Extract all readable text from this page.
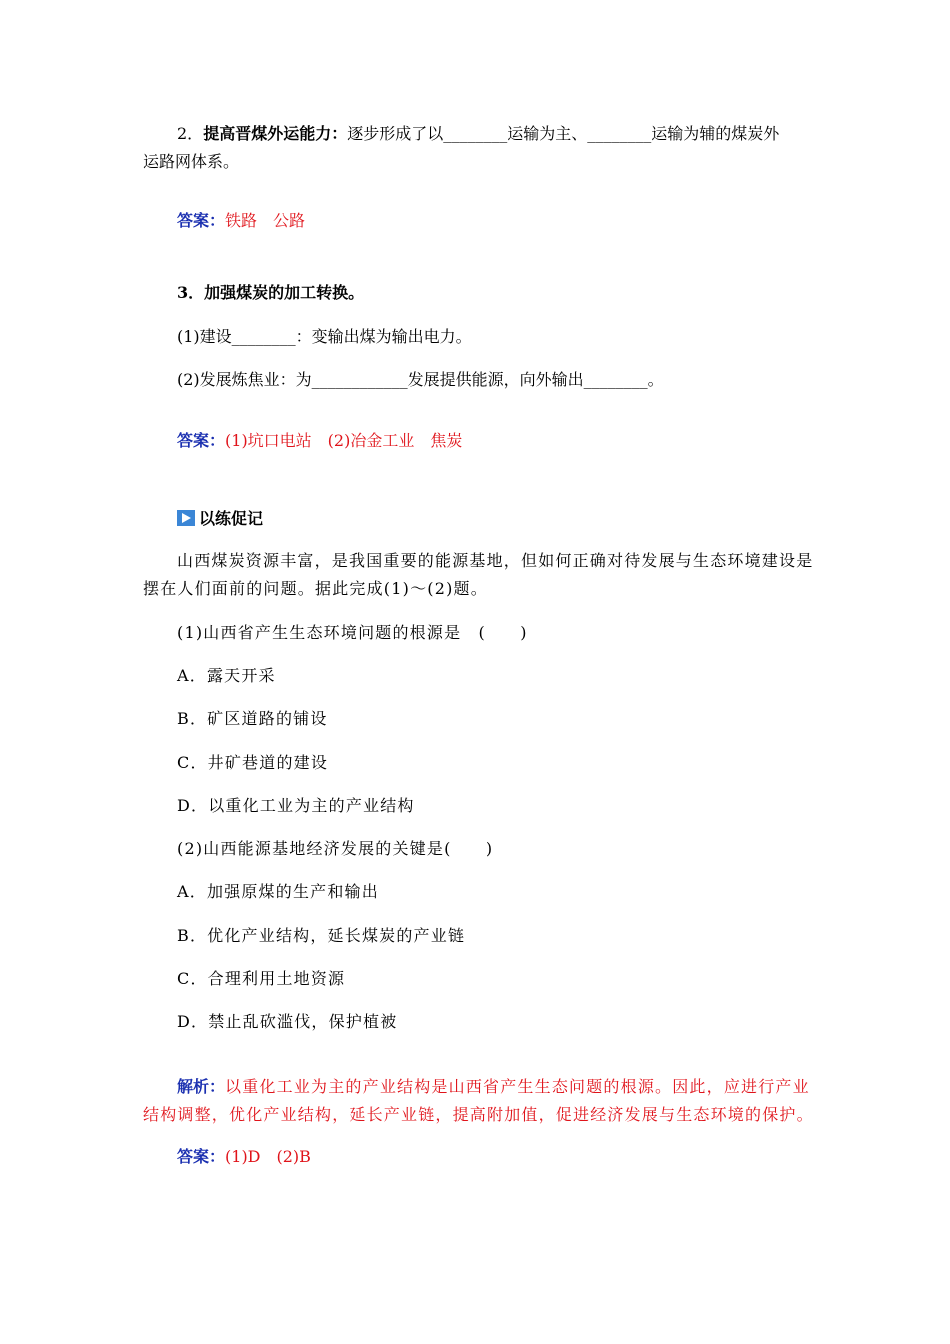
2．提高晋煤外运能力：逐步形成了以________运输为主、________运输为辅的煤炭外
运路网体系。
答案：铁路　公路
3．加强煤炭的加工转换。
(1)建设________：变输出煤为输出电力。
(2)发展炼焦业：为____________发展提供能源，向外输出________。
答案：(1)坑口电站　(2)冶金工业　焦炭
以练促记
山西煤炭资源丰富，是我国重要的能源基地，但如何正确对待发展与生态环境建设是
摆在人们面前的问题。据此完成(1)～(2)题。
(1)山西省产生生态环境问题的根源是　(　　)
A．露天开采
B．矿区道路的铺设
C．井矿巷道的建设
D．以重化工业为主的产业结构
(2)山西能源基地经济发展的关键是(　　)
A．加强原煤的生产和输出
B．优化产业结构，延长煤炭的产业链
C．合理利用土地资源
D．禁止乱砍滥伐，保护植被
解析：以重化工业为主的产业结构是山西省产生生态问题的根源。因此，应进行产业
结构调整，优化产业结构，延长产业链，提高附加值，促进经济发展与生态环境的保护。
答案：(1)D　(2)B
